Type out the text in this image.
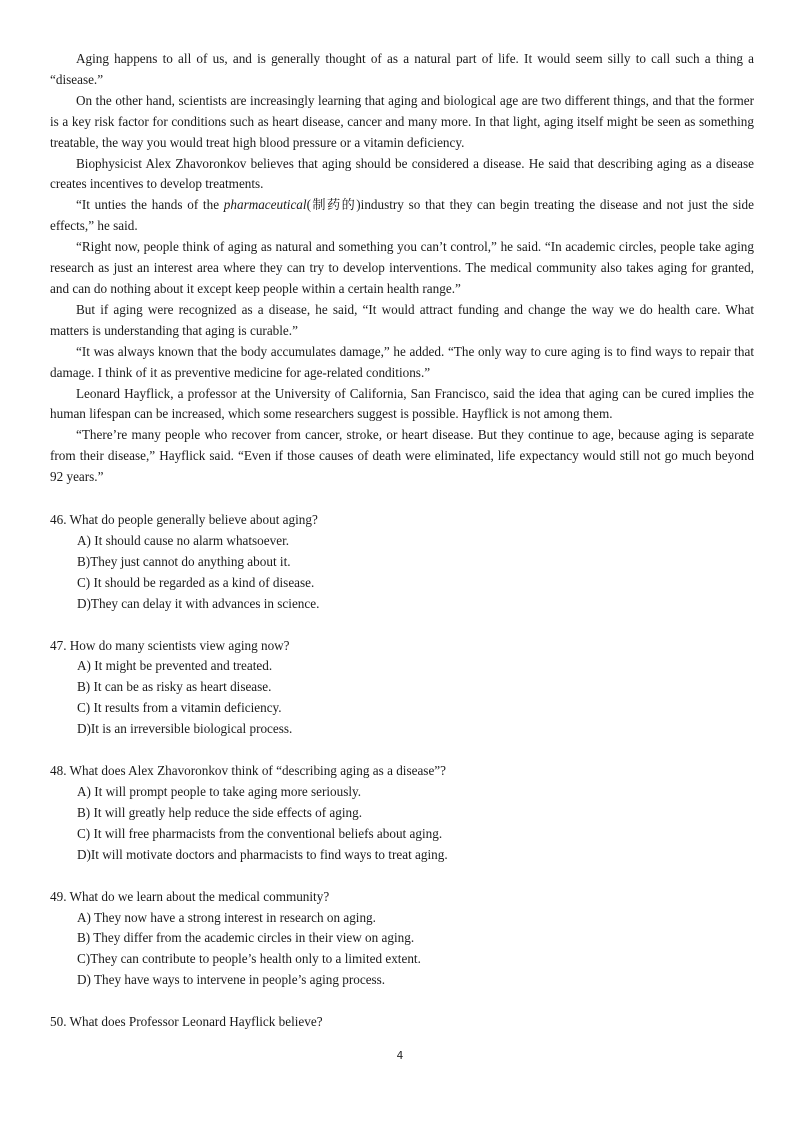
Aging happens to all of us, and is generally thought of as a natural part of life. It would seem silly to call such a thing a “disease.”

On the other hand, scientists are increasingly learning that aging and biological age are two different things, and that the former is a key risk factor for conditions such as heart disease, cancer and many more. In that light, aging itself might be seen as something treatable, the way you would treat high blood pressure or a vitamin deficiency.

Biophysicist Alex Zhavoronkov believes that aging should be considered a disease. He said that describing aging as a disease creates incentives to develop treatments.

“It unties the hands of the pharmaceutical(制药的)industry so that they can begin treating the disease and not just the side effects,” he said.

“Right now, people think of aging as natural and something you can’t control,” he said. “In academic circles, people take aging research as just an interest area where they can try to develop interventions. The medical community also takes aging for granted, and can do nothing about it except keep people within a certain health range.”

But if aging were recognized as a disease, he said, “It would attract funding and change the way we do health care. What matters is understanding that aging is curable.”

“It was always known that the body accumulates damage,” he added. “The only way to cure aging is to find ways to repair that damage. I think of it as preventive medicine for age-related conditions.”

Leonard Hayflick, a professor at the University of California, San Francisco, said the idea that aging can be cured implies the human lifespan can be increased, which some researchers suggest is possible. Hayflick is not among them.

“There’re many people who recover from cancer, stroke, or heart disease. But they continue to age, because aging is separate from their disease,” Hayflick said. “Even if those causes of death were eliminated, life expectancy would still not go much beyond 92 years.”

46. What do people generally believe about aging?

A) It should cause no alarm whatsoever.

B)They just cannot do anything about it.

C) It should be regarded as a kind of disease.

D)They can delay it with advances in science.

47. How do many scientists view aging now?

A) It might be prevented and treated.

B) It can be as risky as heart disease.

C) It results from a vitamin deficiency.

D)It is an irreversible biological process.

48. What does Alex Zhavoronkov think of “describing aging as a disease”?

A) It will prompt people to take aging more seriously.

B) It will greatly help reduce the side effects of aging.

C) It will free pharmacists from the conventional beliefs about aging.

D)It will motivate doctors and pharmacists to find ways to treat aging.

49. What do we learn about the medical community?

A) They now have a strong interest in research on aging.

B) They differ from the academic circles in their view on aging.

C)They can contribute to people’s health only to a limited extent.

D) They have ways to intervene in people’s aging process.

50. What does Professor Leonard Hayflick believe?

4
